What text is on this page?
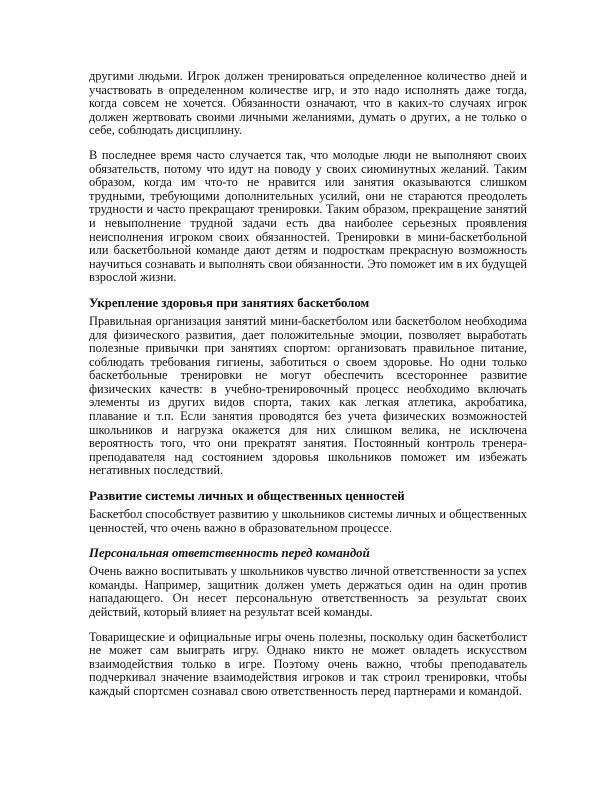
другими людьми. Игрок должен тренироваться определенное количество дней и участвовать в определенном количестве игр, и это надо исполнять даже тогда, когда совсем не хочется. Обязанности означают, что в каких-то случаях игрок должен жертвовать своими личными желаниями, думать о других, а не только о себе, соблюдать дисциплину.

В последнее время часто случается так, что молодые люди не выполняют своих обязательств, потому что идут на поводу у своих сиюминутных желаний. Таким образом, когда им что-то не нравится или занятия оказываются слишком трудными, требующими дополнительных усилий, они не стараются преодолеть трудности и часто прекращают тренировки. Таким образом, прекращение занятий и невыполнение трудной задачи есть два наиболее серьезных проявления неисполнения игроком своих обязанностей. Тренировки в мини-баскетбольной или баскетбольной команде дают детям и подросткам прекрасную возможность научиться сознавать и выполнять свои обязанности. Это поможет им в их будущей взрослой жизни.

Укрепление здоровья при занятиях баскетболом

Правильная организация занятий мини-баскетболом или баскетболом необходима для физического развития, дает положительные эмоции, позволяет выработать полезные привычки при занятиях спортом: организовать правильное питание, соблюдать требования гигиены, заботиться о своем здоровье. Но одни только баскетбольные тренировки не могут обеспечить всестороннее развитие физических качеств: в учебно-тренировочный процесс необходимо включать элементы из других видов спорта, таких как легкая атлетика, акробатика, плавание и т.п. Если занятия проводятся без учета физических возможностей школьников и нагрузка окажется для них слишком велика, не исключена вероятность того, что они прекратят занятия. Постоянный контроль тренера-преподавателя над состоянием здоровья школьников поможет им избежать негативных последствий.

Развитие системы личных и общественных ценностей

Баскетбол способствует развитию у школьников системы личных и общественных ценностей, что очень важно в образовательном процессе.

Персональная ответственность перед командой

Очень важно воспитывать у школьников чувство личной ответственности за успех команды. Например, защитник должен уметь держаться один на один против нападающего. Он несет персональную ответственность за результат своих действий, который влияет на результат всей команды.

Товарищеские и официальные игры очень полезны, поскольку один баскетболист не может сам выиграть игру. Однако никто не может овладеть искусством взаимодействия только в игре. Поэтому очень важно, чтобы преподаватель подчеркивал значение взаимодействия игроков и так строил тренировки, чтобы каждый спортсмен сознавал свою ответственность перед партнерами и командой.
